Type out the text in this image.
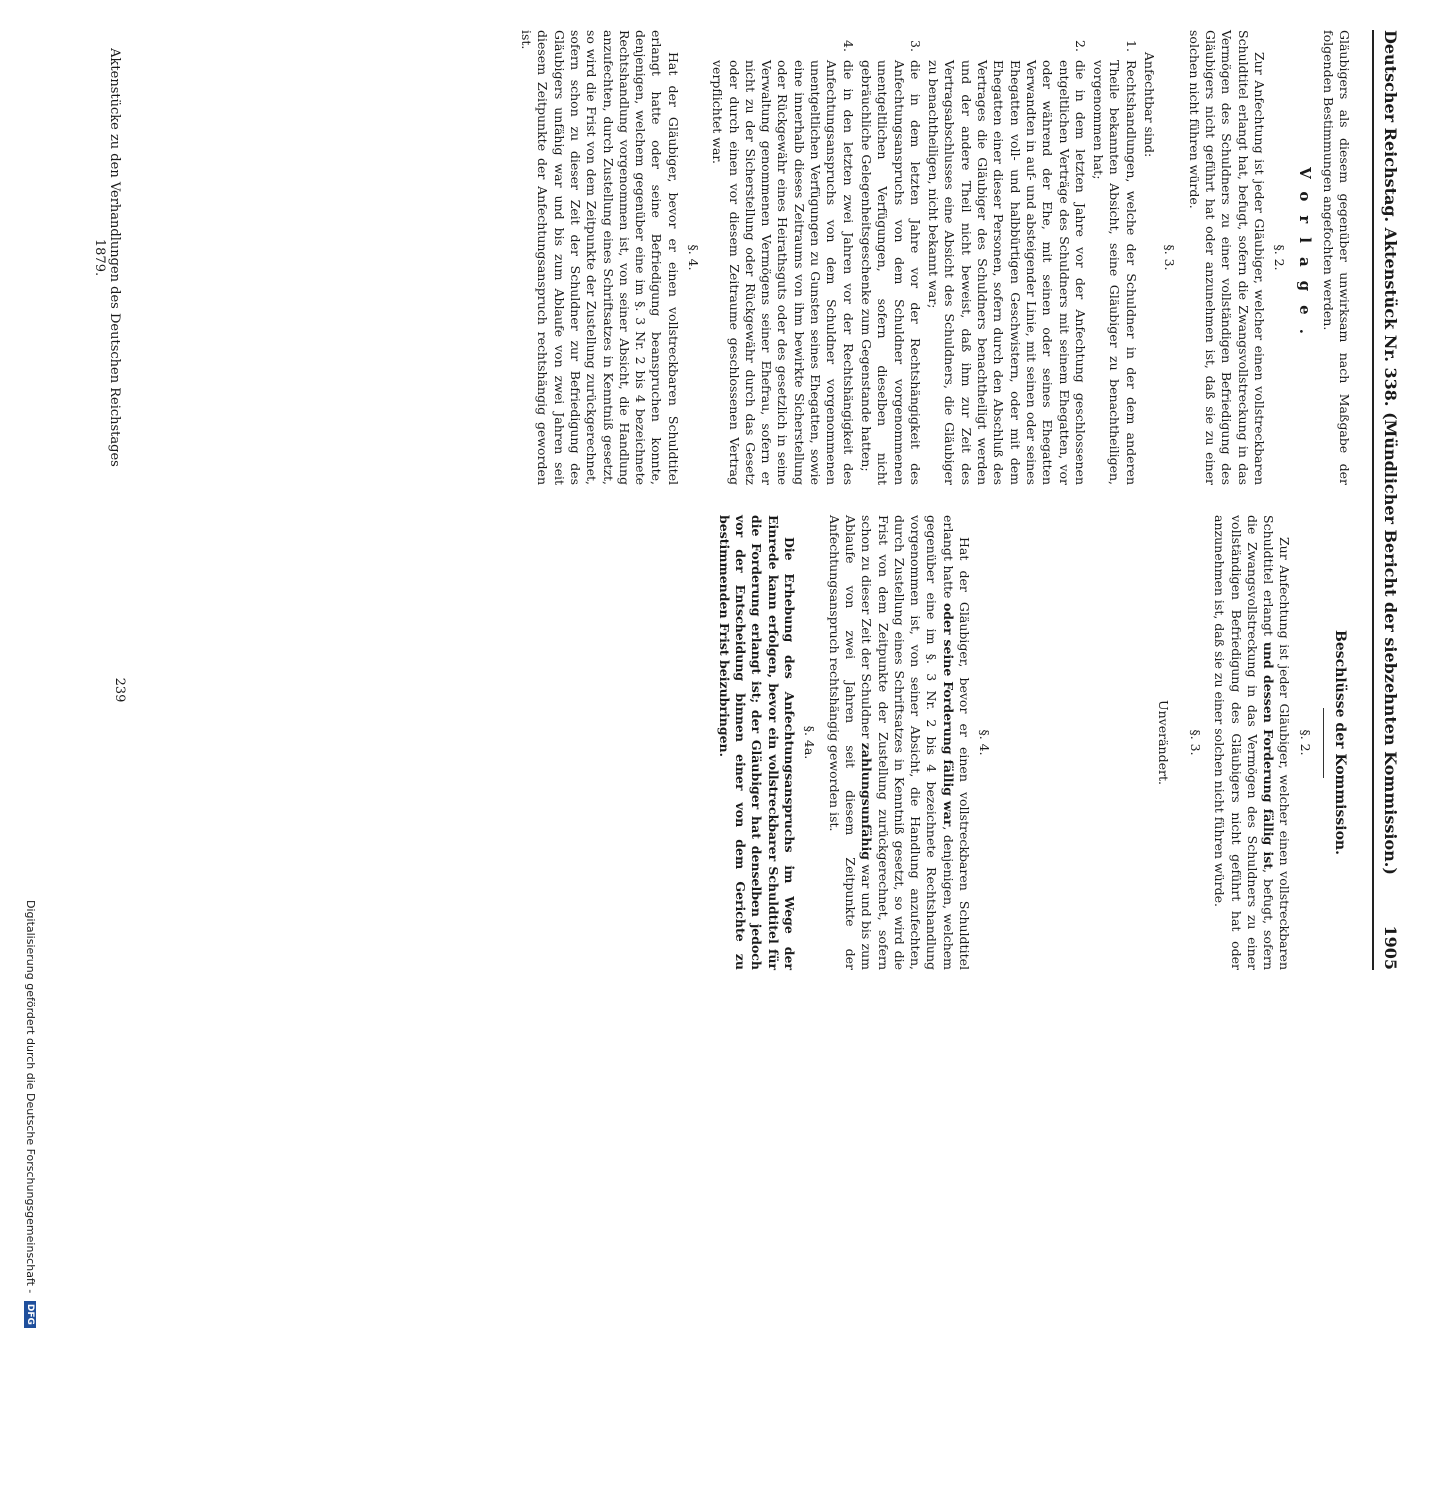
Deutscher Reichstag. Aktenstück Nr. 338. (Mündlicher Bericht der siebzehnten Kommission.)
1905

Gläubigers als diesem gegenüber unwirksam nach Maßgabe der folgenden Bestimmungen angefochten werden.

Vorlage.

§. 2.

Zur Anfechtung ist jeder Gläubiger, welcher einen vollstreckbaren Schuldtitel erlangt hat, befugt, sofern die Zwangsvollstreckung in das Vermögen des Schuldners zu einer vollständigen Befriedigung des Gläubigers nicht geführt hat oder anzunehmen ist, daß sie zu einer solchen nicht führen würde.

§. 3.

Anfechtbar sind:

1.
Rechtshandlungen, welche der Schuldner in der dem anderen Theile bekannten Absicht, seine Gläubiger zu benachtheiligen, vorgenommen hat;

2.
die in dem letzten Jahre vor der Anfechtung geschlossenen entgeltlichen Verträge des Schuldners mit seinem Ehegatten, vor oder während der Ehe, mit seinen oder seines Ehegatten Verwandten in auf- und absteigender Linie, mit seinen oder seines Ehegatten voll- und halbbürtigen Geschwistern, oder mit dem Ehegatten einer dieser Personen, sofern durch den Abschluß des Vertrages die Gläubiger des Schuldners benachtheiligt werden und der andere Theil nicht beweist, daß ihm zur Zeit des Vertragsabschlusses eine Absicht des Schuldners, die Gläubiger zu benachtheiligen, nicht bekannt war;

3.
die in dem letzten Jahre vor der Rechtshängigkeit des Anfechtungsanspruchs von dem Schuldner vorgenommenen unentgeltlichen Verfügungen, sofern dieselben nicht gebräuchliche Gelegenheitsgeschenke zum Gegenstande hatten;

4.
die in den letzten zwei Jahren vor der Rechtshängigkeit des Anfechtungsanspruchs von dem Schuldner vorgenommenen unentgeltlichen Verfügungen zu Gunsten seines Ehegatten, sowie eine innerhalb dieses Zeitraums von ihm bewirkte Sicherstellung oder Rückgewähr eines Heirathsguts oder des gesetzlich in seine Verwaltung genommenen Vermögens seiner Ehefrau, sofern er nicht zu der Sicherstellung oder Rückgewähr durch das Gesetz oder durch einen vor diesem Zeitraume geschlossenen Vertrag verpflichtet war.

§. 4.

Hat der Gläubiger, bevor er einen vollstreckbaren Schuldtitel erlangt hatte oder seine Befriedigung beanspruchen konnte, denjenigen, welchem gegenüber eine im §. 3 Nr. 2 bis 4 bezeichnete Rechtshandlung vorgenommen ist, von seiner Absicht, die Handlung anzufechten, durch Zustellung eines Schriftsatzes in Kenntniß gesetzt, so wird die Frist von dem Zeitpunkte der Zustellung zurückgerechnet, sofern schon zu dieser Zeit der Schuldner zur Befriedigung des Gläubigers unfähig war und bis zum Ablaufe von zwei Jahren seit diesem Zeitpunkte der Anfechtungsanspruch rechtshängig geworden ist.

Beschlüsse der Kommission.

§. 2.

Zur Anfechtung ist jeder Gläubiger, welcher einen vollstreckbaren Schuldtitel erlangt und dessen Forderung fällig ist, befugt, sofern die Zwangsvollstreckung in das Vermögen des Schuldners zu einer vollständigen Befriedigung des Gläubigers nicht geführt hat oder anzunehmen ist, daß sie zu einer solchen nicht führen würde.

§. 3.

Unverändert.

§. 4.

Hat der Gläubiger, bevor er einen vollstreckbaren Schuldtitel erlangt hatte oder seine Forderung fällig war, denjenigen, welchem gegenüber eine im §. 3 Nr. 2 bis 4 bezeichnete Rechtshandlung vorgenommen ist, von seiner Absicht, die Handlung anzufechten, durch Zustellung eines Schriftsatzes in Kenntniß gesetzt, so wird die Frist von dem Zeitpunkte der Zustellung zurückgerechnet, sofern schon zu dieser Zeit der Schuldner zahlungsunfähig war und bis zum Ablaufe von zwei Jahren seit diesem Zeitpunkte der Anfechtungsanspruch rechtshängig geworden ist.

§. 4a.

Die Erhebung des Anfechtungsanspruchs im Wege der Einrede kann erfolgen, bevor ein vollstreckbarer Schuldtitel für die Forderung erlangt ist; der Gläubiger hat denselben jedoch vor der Entscheidung binnen einer von dem Gerichte zu bestimmenden Frist beizubringen.

Aktenstücke zu den Verhandlungen des Deutschen Reichstages 1879.
239
Digitalisierung gefördert durch die Deutsche Forschungsgemeinschaft - DFG
